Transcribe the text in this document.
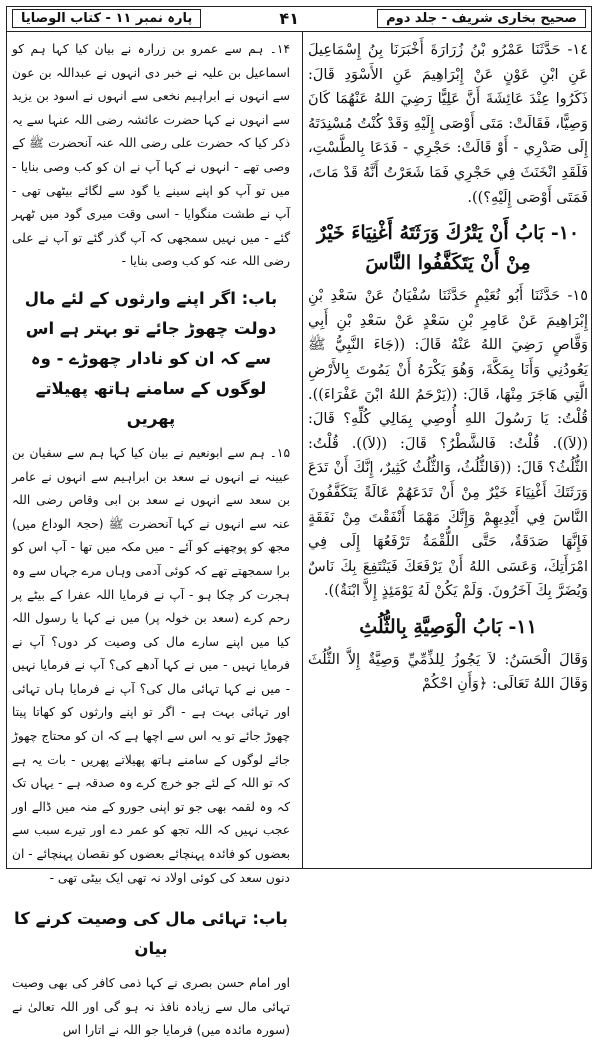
پارہ نمبر ۱۱ - کتاب الوصایا	۴۱	صحیح بخاری شریف - جلد دوم

١٤- حَدَّثَنَا عَمْرُو بْنُ زُرَارَةَ أَخْبَرَنَا بِنُ إِسْمَاعِيلَ عَنِ ابْنِ عَوْنٍ عَنْ إِبْرَاهِيمَ عَنِ الأَسْوَدِ قَالَ: ذَكَرُوا عِنْدَ عَائِشَةَ أَنَّ عَلِيًّا رَضِيَ اللهُ عَنْهُمَا كَانَ وَصِيًّا، فَقَالَتْ: مَتَى أَوْصَى إِلَيْهِ وَقَدْ كُنْتُ مُسْنِدَتَهُ إِلَى صَدْرِي - أَوْ قَالَتْ: حَجْرِي - فَدَعَا بِالطَّسْتِ، فَلَقَدِ انْخَنَثَ فِي حَجْرِي فَمَا شَعَرْتُ أَنَّهُ قَدْ مَاتَ، فَمَتَى أَوْصَى إِلَيْهِ؟)).

١٠- بَابُ أَنْ يَتْرُكَ وَرَثَتَهُ أَغْنِيَاءَ خَيْرٌ مِنْ أَنْ يَتَكَفَّفُوا النَّاسَ

١٥- حَدَّثَنَا أَبُو نُعَيْمٍ حَدَّثَنَا سُفْيَانُ عَنْ سَعْدِ بْنِ إِبْرَاهِيمَ عَنْ عَامِرِ بْنِ سَعْدٍ عَنْ سَعْدِ بْنِ أَبِي وَقَّاصٍ رَضِيَ اللهُ عَنْهُ قَالَ: ((جَاءَ النَّبِيُّ ﷺ يَعُودُنِي وَأَنَا بِمَكَّةَ، وَهُوَ يَكْرَهُ أَنْ يَمُوتَ بِالأَرْضِ الَّتِي هَاجَرَ مِنْهَا، قَالَ: ((يَرْحَمُ اللهُ ابْنَ عَفْرَاءَ)). قُلْتُ: يَا رَسُولَ اللهِ أُوصِي بِمَالِي كُلِّهِ؟ قَالَ: ((لاَ)). قُلْتُ: فَالشَّطْرُ؟ قَالَ: ((لاَ)). قُلْتُ: الثُّلُثُ؟ قَالَ: ((فَالثُّلُثُ، وَالثُّلُثُ كَثِيرٌ، إِنَّكَ أَنْ تَدَعَ وَرَثَتَكَ أَغْنِيَاءَ خَيْرٌ مِنْ أَنْ تَدَعَهُمْ عَالَةً يَتَكَفَّفُونَ النَّاسَ فِي أَيْدِيهِمْ وَإِنَّكَ مَهْمَا أَنْفَقْتَ مِنْ نَفَقَةٍ فَإِنَّهَا صَدَقَةٌ، حَتَّى اللُّقْمَةُ تَرْفَعُهَا إِلَى فِي امْرَأَتِكَ، وَعَسَى اللهُ أَنْ يَرْفَعَكَ فَيَنْتَفِعَ بِكَ نَاسٌ وَيُضَرَّ بِكَ آخَرُونَ. وَلَمْ يَكُنْ لَهُ يَوْمَئِذٍ إِلاَّ ابْنَةٌ)).

١١- بَابُ الْوَصِيَّةِ بِالثُّلُثِ

وَقَالَ الْحَسَنُ: لاَ يَجُوزُ لِلذِّمِّيِّ وَصِيَّةٌ إِلاَّ الثُّلُثَ وَقَالَ اللهُ تَعَالَى: ﴿وَأَنِ احْكُمْ

۱۴۔ ہم سے عمرو بن زرارہ نے بیان کیا کہا ہم کو اسماعیل بن علیہ نے خبر دی انہوں نے عبداللہ بن عون سے انہوں نے ابراہیم نخعی سے انہوں نے اسود بن یزید سے انہوں نے کہا حضرت عائشہ رضی اللہ عنہا سے یہ ذکر کیا کہ حضرت علی رضی اللہ عنہ آنحضرت ﷺ کے وصی تھے - انہوں نے کہا آپ نے ان کو کب وصی بنایا - میں تو آپ کو اپنے سینے یا گود سے لگائے بیٹھی تھی - آپ نے طشت منگوایا - اسی وقت میری گود میں ٹھہر گئے - میں نہیں سمجھی کہ آپ گذر گئے تو آپ نے علی رضی اللہ عنہ کو کب وصی بنایا -

باب: اگر اپنے وارثوں کے لئے مال دولت چھوڑ جائے تو بہتر ہے اس سے کہ ان کو نادار چھوڑے - وہ لوگوں کے سامنے ہاتھ پھیلاتے پھریں

۱۵۔ ہم سے ابونعیم نے بیان کیا کہا ہم سے سفیان بن عیینہ نے انہوں نے سعد بن ابراہیم سے انہوں نے عامر بن سعد سے انہوں نے سعد بن ابی وقاص رضی اللہ عنہ سے انہوں نے کہا آنحضرت ﷺ (حجۃ الوداع میں) مجھ کو پوچھنے کو آئے - میں مکہ میں تھا - آپ اس کو برا سمجھتے تھے کہ کوئی آدمی وہاں مرے جہاں سے وہ ہجرت کر چکا ہو - آپ نے فرمایا اللہ عفرا کے بیٹے پر رحم کرے (سعد بن خولہ پر) میں نے کہا یا رسول اللہ کیا میں اپنے سارے مال کی وصیت کر دوں؟ آپ نے فرمایا نہیں - میں نے کہا آدھے کی؟ آپ نے فرمایا نہیں - میں نے کہا تہائی مال کی؟ آپ نے فرمایا ہاں تہائی اور تہائی بہت ہے - اگر تو اپنے وارثوں کو کھاتا پیتا چھوڑ جائے تو یہ اس سے اچھا ہے کہ ان کو محتاج چھوڑ جائے لوگوں کے سامنے ہاتھ پھیلاتے پھریں - بات یہ ہے کہ تو اللہ کے لئے جو خرچ کرے وہ صدقہ ہے - یہاں تک کہ وہ لقمہ بھی جو تو اپنی جورو کے منہ میں ڈالے اور عجب نہیں کہ اللہ تجھ کو عمر دے اور تیرے سبب سے بعضوں کو فائدہ پہنچائے بعضوں کو نقصان پہنچائے - ان دنوں سعد کی کوئی اولاد نہ تھی ایک بیٹی تھی -

باب: تہائی مال کی وصیت کرنے کا بیان

اور امام حسن بصری نے کہا ذمی کافر کی بھی وصیت تہائی مال سے زیادہ نافذ نہ ہو گی اور اللہ تعالیٰ نے (سورہ مائدہ میں) فرمایا جو اللہ نے اتارا اس
